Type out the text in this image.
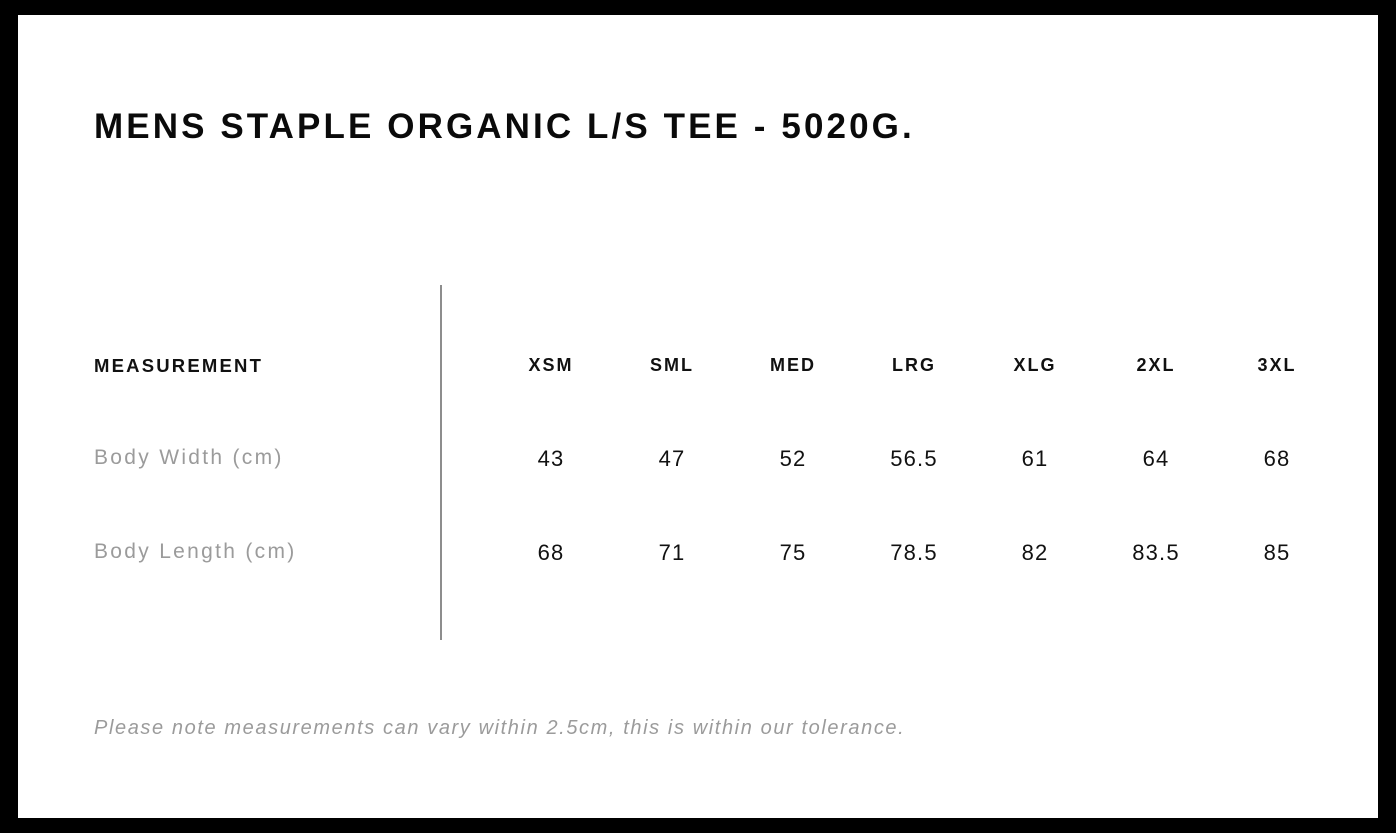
MENS STAPLE ORGANIC L/S TEE - 5020G.
MEASUREMENT	XSM	SML	MED	LRG	XLG	2XL	3XL
Body Width (cm)	43	47	52	56.5	61	64	68
Body Length (cm)	68	71	75	78.5	82	83.5	85
Please note measurements can vary within 2.5cm, this is within our tolerance.
